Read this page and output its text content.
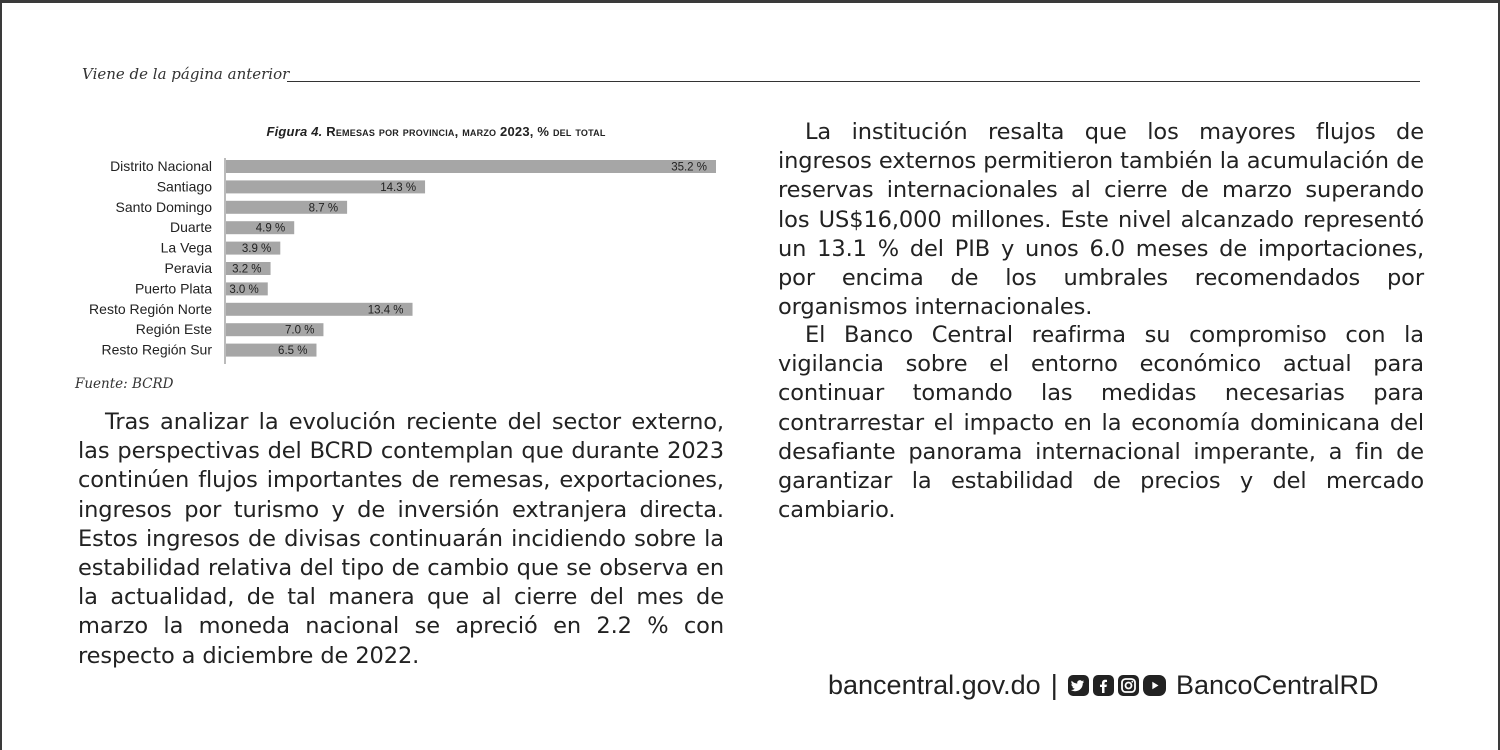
Viene de la página anterior
Figura 4. Remesas por provincia, marzo 2023, % del total
Distrito Nacional	35.2 %
Santiago	14.3 %
Santo Domingo	8.7 %
Duarte	4.9 %
La Vega	3.9 %
Peravia 3.2 %
Puerto Plata 3.0 %
Resto Región Norte	13.4 %
Región Este	7.0 %
Resto Región Sur	6.5 %
Fuente: BCRD

Tras analizar la evolución reciente del sector externo, las perspectivas del BCRD contemplan que durante 2023 continúen flujos importantes de remesas, exportaciones, ingresos por turismo y de inversión extranjera directa. Estos ingresos de divisas continuarán incidiendo sobre la estabilidad relativa del tipo de cambio que se observa en la actualidad, de tal manera que al cierre del mes de marzo la moneda nacional se apreció en 2.2 % con respecto a diciembre de 2022.

La institución resalta que los mayores flujos de ingresos externos permitieron también la acumulación de reservas internacionales al cierre de marzo superando los US$16,000 millones. Este nivel alcanzado representó un 13.1 % del PIB y unos 6.0 meses de importaciones, por encima de los umbrales recomendados por organismos internacionales.

El Banco Central reafirma su compromiso con la vigilancia sobre el entorno económico actual para continuar tomando las medidas necesarias para contrarrestar el impacto en la economía dominicana del desafiante panorama internacional imperante, a fin de garantizar la estabilidad de precios y del mercado cambiario.

bancentral.gov.do |	BancoCentralRD
